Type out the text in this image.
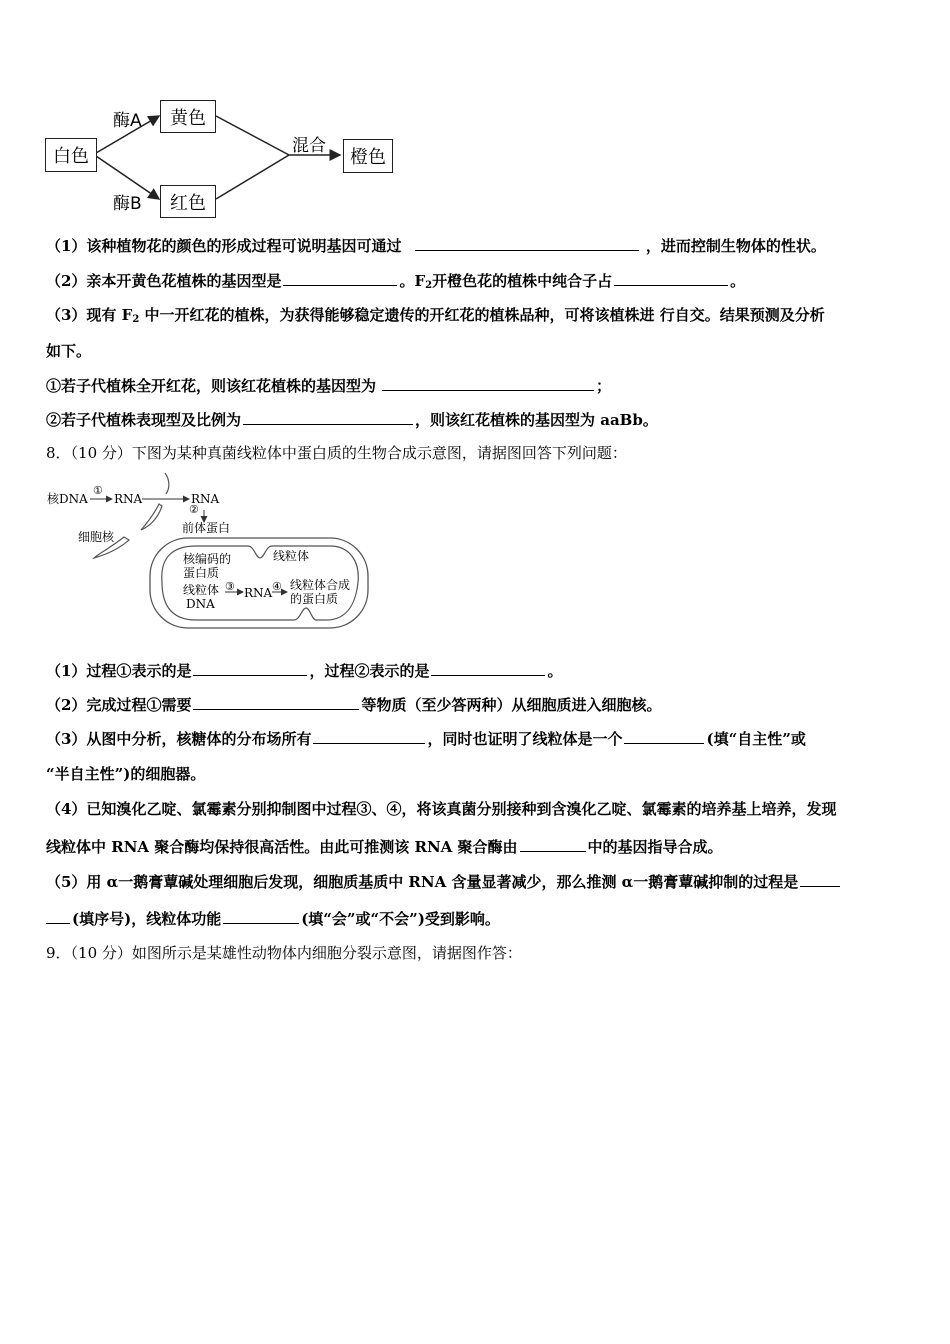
白色
黄色
红色
橙色
酶A
酶B
混合
（1）该种植物花的颜色的形成过程可说明基因可通过	，进而控制生物体的性状。
（2）亲本开黄色花植株的基因型是	。$F_2$开橙色花的植株中纯合子占	。
（3）现有 $F_2$ 中一开红花的植株，为获得能够稳定遗传的开红花的植株品种，可将该植株进 行自交。结果预测及分析
如下。
①若子代植株全开红花，则该红花植株的基因型为	；
②若子代植株表现型及比例为	，则该红花植株的基因型为 aaBb。
8．（10 分）下图为某种真菌线粒体中蛋白质的生物合成示意图，请据图回答下列问题：
核DNA
①
RNA	RNA
②
前体蛋白
细胞核
线粒体
核编码的
蛋白质
线粒体
DNA
③ RNA ④ 线粒体合成
的蛋白质
（1）过程①表示的是	，过程②表示的是	。
（2）完成过程①需要	等物质（至少答两种）从细胞质进入细胞核。
（3）从图中分析，核糖体的分布场所有	，同时也证明了线粒体是一个	(填“自主性”或
“半自主性”)的细胞器。
（4）已知溴化乙啶、氯霉素分别抑制图中过程③、④，将该真菌分别接种到含溴化乙啶、氯霉素的培养基上培养，发现
线粒体中 RNA 聚合酶均保持很高活性。由此可推测该 RNA 聚合酶由	中的基因指导合成。
（5）用 α一鹅膏蕈碱处理细胞后发现，细胞质基质中 RNA 含量显著减少，那么推测 α一鹅膏蕈碱抑制的过程是
(填序号)，线粒体功能	(填“会”或“不会”)受到影响。
9．（10 分）如图所示是某雄性动物体内细胞分裂示意图，请据图作答：
